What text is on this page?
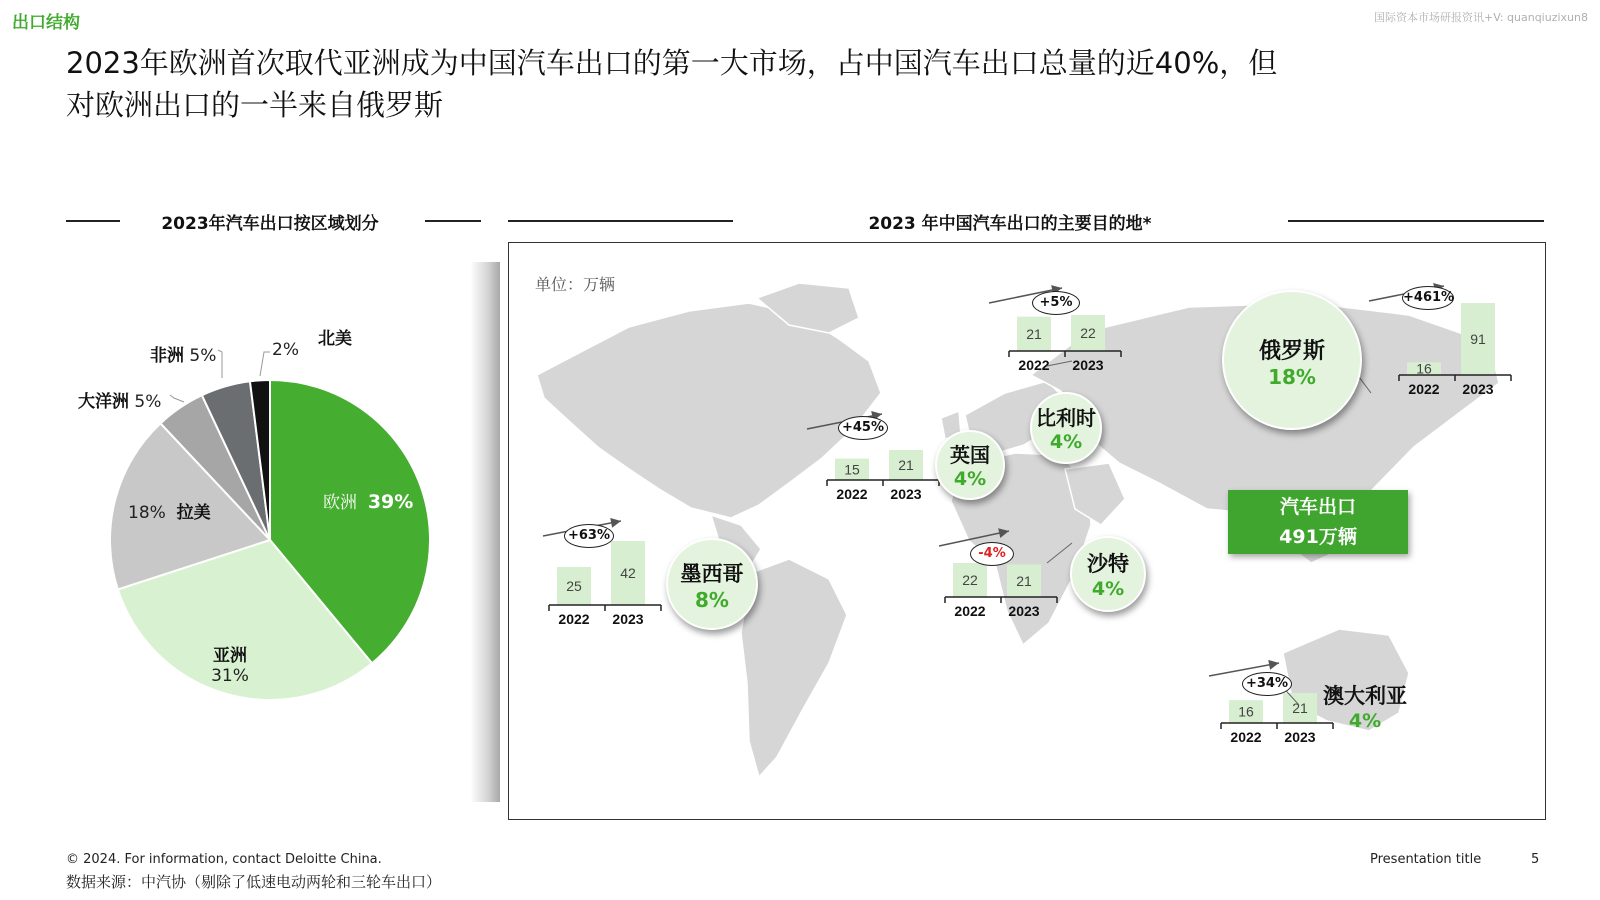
出口结构	国际资本市场研报资讯+V: quanqiuzixun8
2023年欧洲首次取代亚洲成为中国汽车出口的第一大市场，占中国汽车出口总量的近40%，但
对欧洲出口的一半来自俄罗斯
2023年汽车出口按区域划分	2023 年中国汽车出口的主要目的地*
欧洲 39%
亚洲
31%
18% 拉美
大洋洲 5%
非洲 5%	2%
北美
单位：万辆
16
2022
91
2023
21
2022
22
2023
15
2022
21
2023
25
2022
42
2023
22
2022
21
2023
16
2022
21
2023
俄罗斯
18%
比利时
4%
英国
4%
墨西哥
8%
沙特
4%
澳大利亚
4%
+461%
+5%
+45%
+63%
-4%
+34%
汽车出口
491万辆
© 2024. For information, contact Deloitte China.
数据来源：中汽协（剔除了低速电动两轮和三轮车出口）
Presentation title	5
